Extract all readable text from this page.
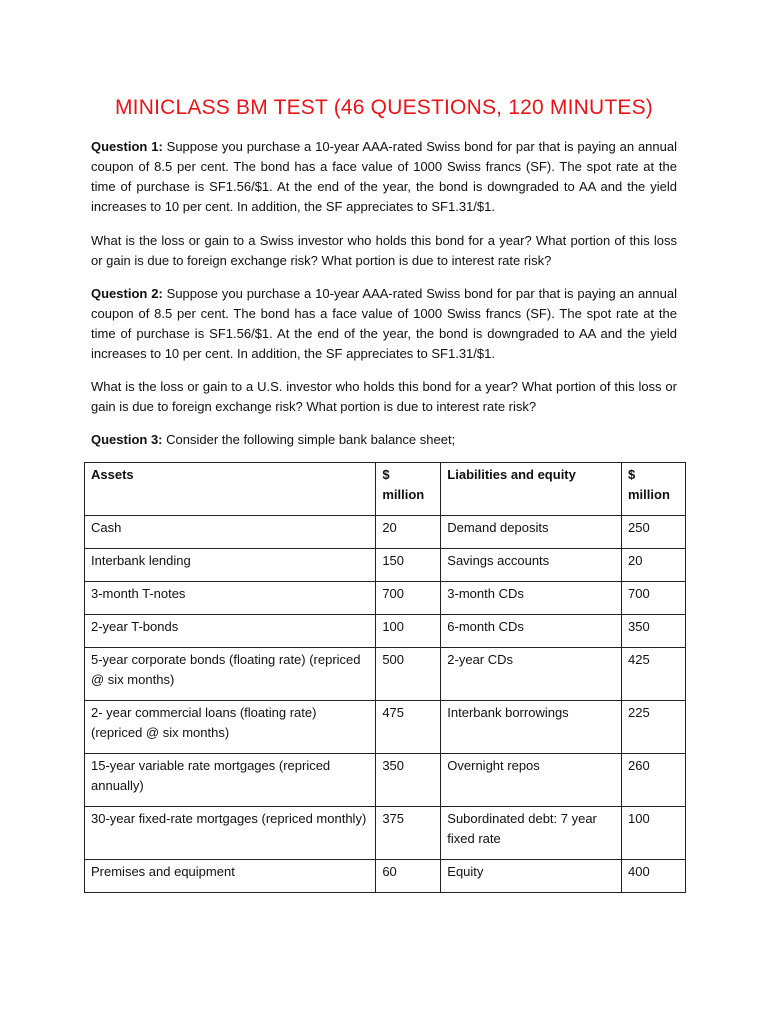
MINICLASS BM TEST (46 QUESTIONS, 120 MINUTES)

Question 1: Suppose you purchase a 10-year AAA-rated Swiss bond for par that is paying an annual coupon of 8.5 per cent. The bond has a face value of 1000 Swiss francs (SF). The spot rate at the time of purchase is SF1.56/$1. At the end of the year, the bond is downgraded to AA and the yield increases to 10 per cent. In addition, the SF appreciates to SF1.31/$1.

What is the loss or gain to a Swiss investor who holds this bond for a year? What portion of this loss or gain is due to foreign exchange risk? What portion is due to interest rate risk?

Question 2: Suppose you purchase a 10-year AAA-rated Swiss bond for par that is paying an annual coupon of 8.5 per cent. The bond has a face value of 1000 Swiss francs (SF). The spot rate at the time of purchase is SF1.56/$1. At the end of the year, the bond is downgraded to AA and the yield increases to 10 per cent. In addition, the SF appreciates to SF1.31/$1.

What is the loss or gain to a U.S. investor who holds this bond for a year? What portion of this loss or gain is due to foreign exchange risk? What portion is due to interest rate risk?

Question 3: Consider the following simple bank balance sheet;

Assets	$ million	Liabilities and equity	$ million
Cash	20	Demand deposits	250
Interbank lending	150	Savings accounts	20
3-month T-notes	700	3-month CDs	700
2-year T-bonds	100	6-month CDs	350
5-year corporate bonds (floating rate) (repriced @ six months)	500	2-year CDs	425
2- year commercial loans (floating rate) (repriced @ six months)	475	Interbank borrowings	225
15-year variable rate mortgages (repriced annually)	350	Overnight repos	260
30-year fixed-rate mortgages (repriced monthly)	375	Subordinated debt: 7 year fixed rate	100
Premises and equipment	60	Equity	400
